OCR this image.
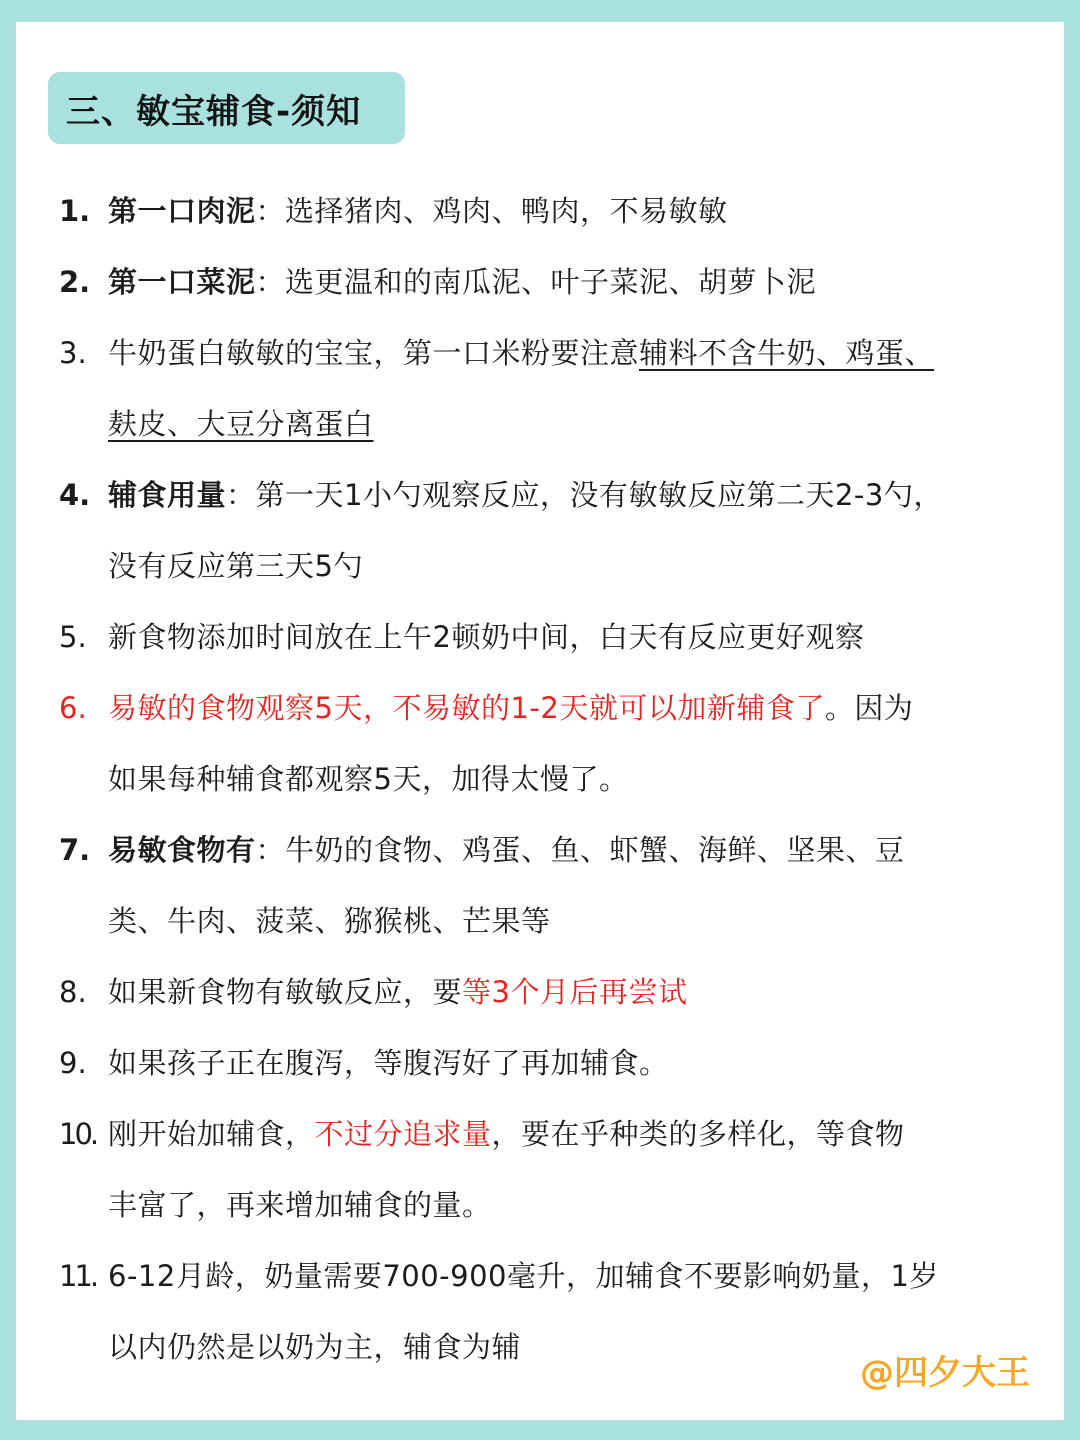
三、敏宝辅食-须知
1. 第一口肉泥：选择猪肉、鸡肉、鸭肉，不易敏敏
2. 第一口菜泥：选更温和的南瓜泥、叶子菜泥、胡萝卜泥
3. 牛奶蛋白敏敏的宝宝，第一口米粉要注意辅料不含牛奶、鸡蛋、
麸皮、大豆分离蛋白
4. 辅食用量：第一天1小勺观察反应，没有敏敏反应第二天2-3勺，
没有反应第三天5勺
5. 新食物添加时间放在上午2顿奶中间，白天有反应更好观察
6. 易敏的食物观察5天，不易敏的1-2天就可以加新辅食了。因为
如果每种辅食都观察5天，加得太慢了。
7. 易敏食物有：牛奶的食物、鸡蛋、鱼、虾蟹、海鲜、坚果、豆
类、牛肉、菠菜、猕猴桃、芒果等
8. 如果新食物有敏敏反应，要等3个月后再尝试
9. 如果孩子正在腹泻，等腹泻好了再加辅食。
10. 刚开始加辅食，不过分追求量，要在乎种类的多样化，等食物
丰富了，再来增加辅食的量。
11. 6-12月龄，奶量需要700-900毫升，加辅食不要影响奶量，1岁
以内仍然是以奶为主，辅食为辅
@四夕大王
